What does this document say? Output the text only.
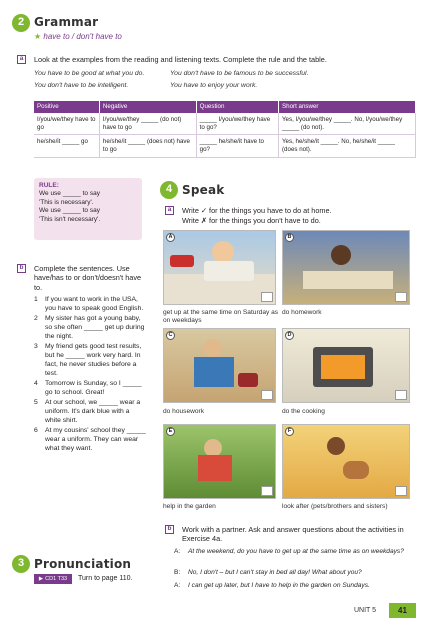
2 Grammar
★ have to / don't have to
a	Look at the examples from the reading and listening texts. Complete the rule and the table.
You have to be good at what you do.	You don't have to be famous to be successful.
You don't have to be intelligent.	You have to enjoy your work.
Positive	Negative	Question	Short answer
I/you/we/they have to go	I/you/we/they _____ (do not) have to go	_____ I/you/we/they have to go?	Yes, I/you/we/they _____. No, I/you/we/they _____ (do not).
he/she/it _____ go	he/she/it _____ (does not) have to go	_____ he/she/it have to go?	Yes, he/she/it _____. No, he/she/it _____ (does not).
RULE:
We use _____ to say
'This is necessary'.
We use _____ to say
'This isn't necessary'.
b	Complete the sentences. Use have/has to or don't/doesn't have to.
1 If you want to work in the USA, you have to speak good English.
2 My sister has got a young baby, so she often _____ get up during the night.
3 My friend gets good test results, but he _____ work very hard. In fact, he never studies before a test.
4 Tomorrow is Sunday, so I _____ go to school. Great!
5 At our school, we _____ wear a uniform. It's dark blue with a white shirt.
6 At my cousins' school they _____ wear a uniform. They can wear what they want.
3 Pronunciation
▶ CD1 T33 Turn to page 110.
4 Speak
a	Write ✓ for the things you have to do at home.
Write ✗ for the things you don't have to do.
A
get up at the same time on Saturday as on weekdays
B
do homework
C
do housework
D
do the cooking
E
help in the garden
F
look after (pets/brothers and sisters)
b	Work with a partner. Ask and answer questions about the activities in Exercise 4a.
A:	At the weekend, do you have to get up at the same time as on weekdays?
B:	No, I don't – but I can't stay in bed all day! What about you?
A:	I can get up later, but I have to help in the garden on Sundays.
UNIT 5	41
